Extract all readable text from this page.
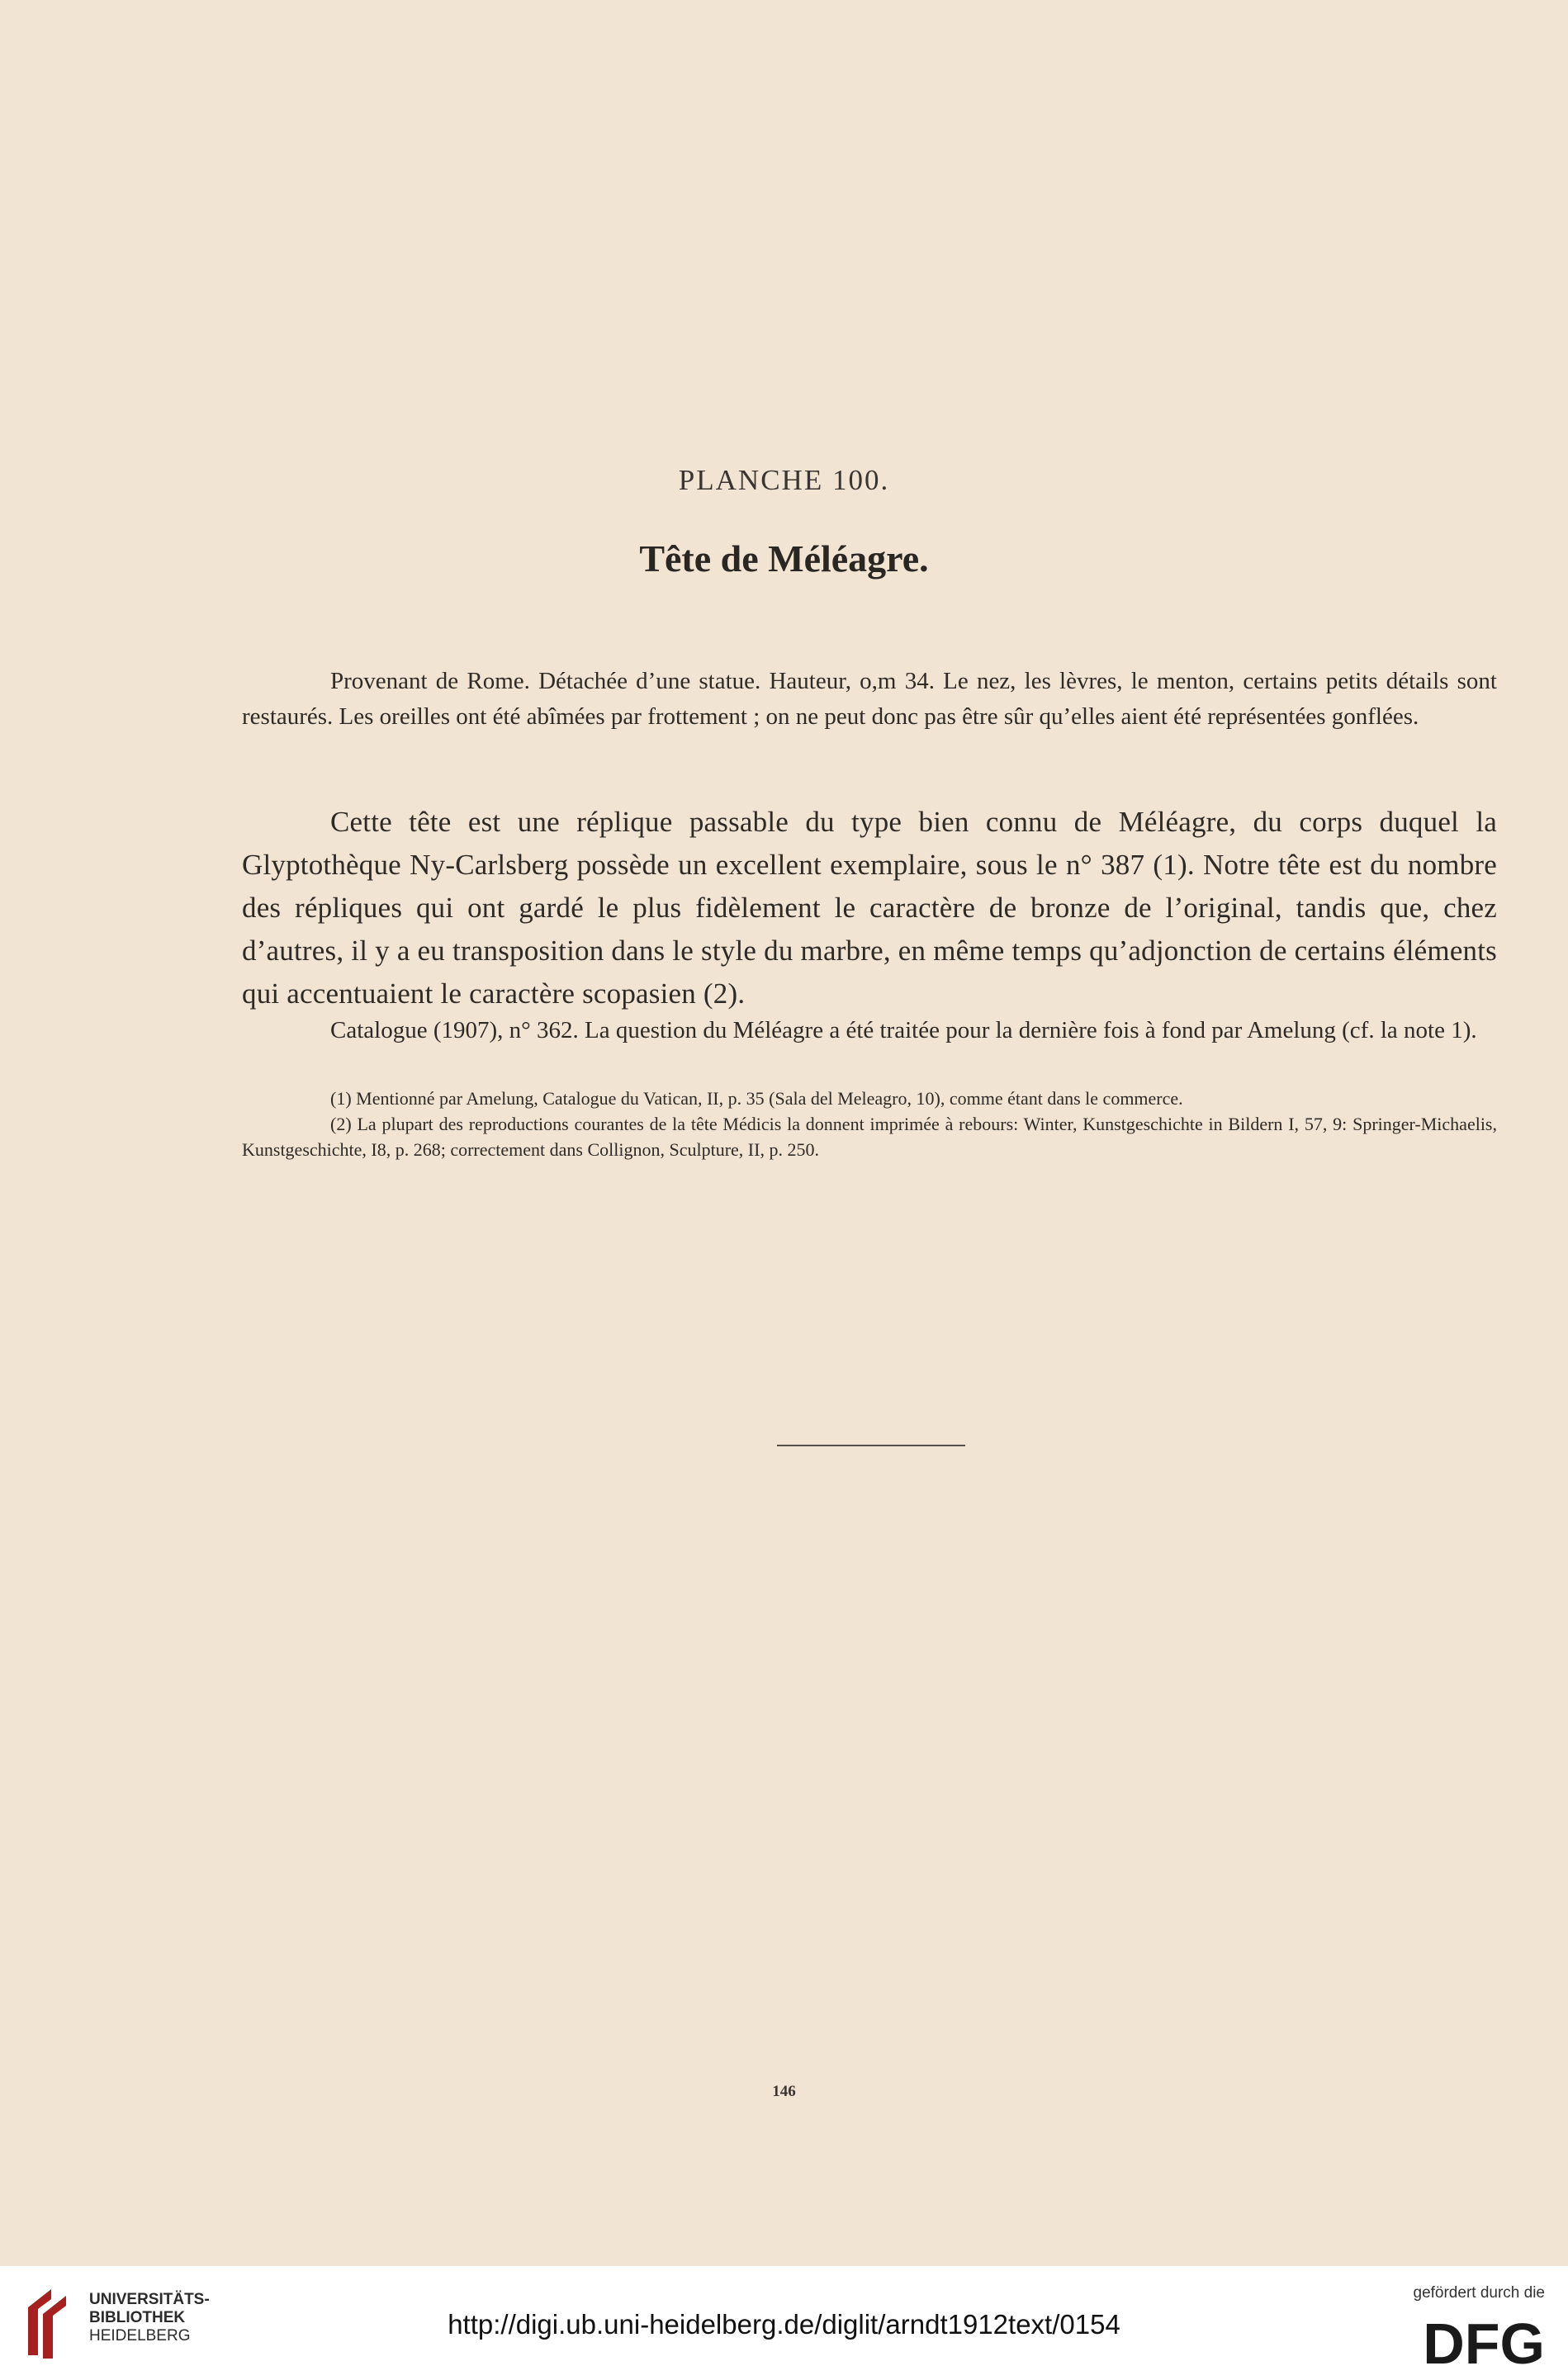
PLANCHE 100.
Tête de Méléagre.

Provenant de Rome. Détachée d’une statue. Hauteur, o,m 34. Le nez, les lèvres, le menton, certains petits détails sont restaurés. Les oreilles ont été abîmées par frottement ; on ne peut donc pas être sûr qu’elles aient été représentées gonflées.

Cette tête est une réplique passable du type bien connu de Méléagre, du corps duquel la Glyptothèque Ny-Carlsberg possède un excellent exemplaire, sous le n° 387 (1). Notre tête est du nombre des répliques qui ont gardé le plus fidèlement le caractère de bronze de l’original, tandis que, chez d’autres, il y a eu transposition dans le style du marbre, en même temps qu’adjonction de certains éléments qui accentuaient le caractère scopasien (2).

Catalogue (1907), n° 362. La question du Méléagre a été traitée pour la dernière fois à fond par Amelung (cf. la note 1).

(1) Mentionné par Amelung, Catalogue du Vatican, II, p. 35 (Sala del Meleagro, 10), comme étant dans le commerce.

(2) La plupart des reproductions courantes de la tête Médicis la donnent imprimée à rebours: Winter, Kunstgeschichte in Bildern I, 57, 9: Springer-Michaelis, Kunstgeschichte, I8, p. 268; correctement dans Collignon, Sculpture, II, p. 250.

146
UNIVERSITÄTS-
BIBLIOTHEK
HEIDELBERG	http://digi.ub.uni-heidelberg.de/diglit/arndt1912text/0154
gefördert durch die
DFG
